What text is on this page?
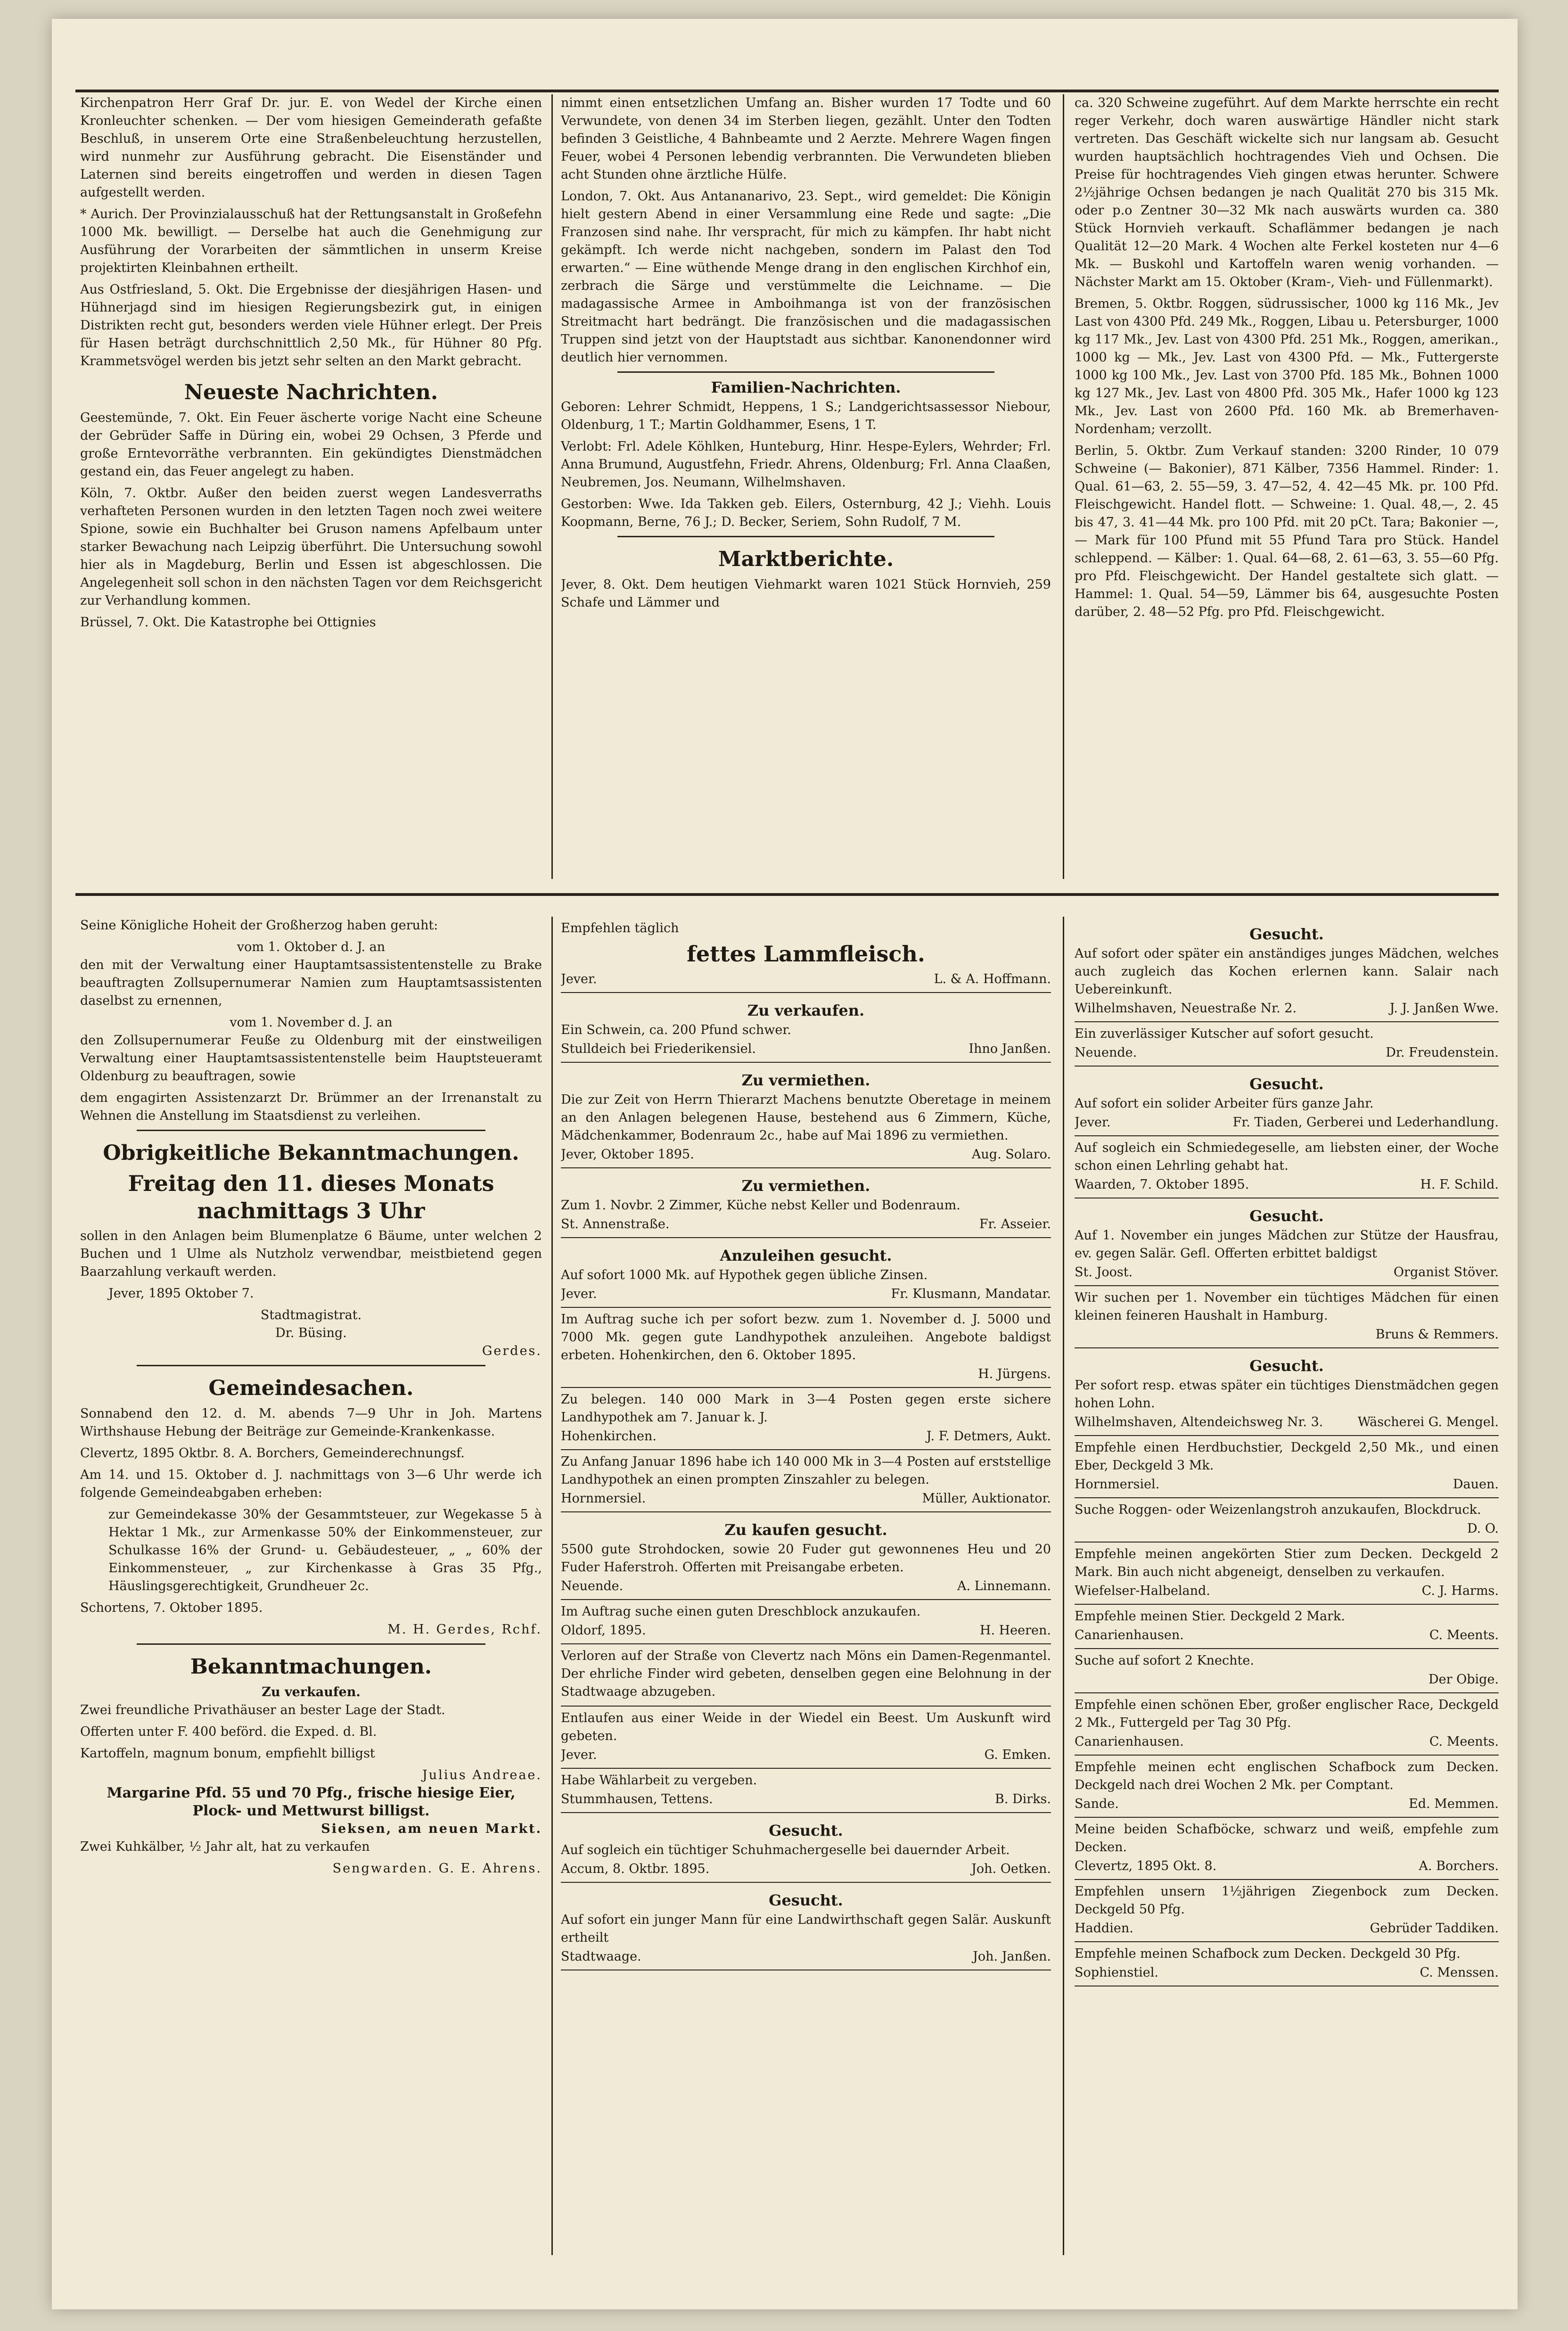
Kirchenpatron Herr Graf Dr. jur. E. von Wedel der Kirche einen Kronleuchter schenken. — Der vom hiesigen Gemeinderath gefaßte Beschluß, in unserem Orte eine Straßenbeleuchtung herzustellen, wird nunmehr zur Ausführung gebracht. Die Eisenständer und Laternen sind bereits eingetroffen und werden in diesen Tagen aufgestellt werden.

* Aurich. Der Provinzialausschuß hat der Rettungsanstalt in Großefehn 1000 Mk. bewilligt. — Derselbe hat auch die Genehmigung zur Ausführung der Vorarbeiten der sämmtlichen in unserm Kreise projektirten Kleinbahnen ertheilt.

Aus Ostfriesland, 5. Okt. Die Ergebnisse der diesjährigen Hasen- und Hühnerjagd sind im hiesigen Regierungsbezirk gut, in einigen Distrikten recht gut, besonders werden viele Hühner erlegt. Der Preis für Hasen beträgt durchschnittlich 2,50 Mk., für Hühner 80 Pfg. Krammetsvögel werden bis jetzt sehr selten an den Markt gebracht.

Neueste Nachrichten.

Geestemünde, 7. Okt. Ein Feuer äscherte vorige Nacht eine Scheune der Gebrüder Saffe in Düring ein, wobei 29 Ochsen, 3 Pferde und große Erntevorräthe verbrannten. Ein gekündigtes Dienstmädchen gestand ein, das Feuer angelegt zu haben.

Köln, 7. Oktbr. Außer den beiden zuerst wegen Landesverraths verhafteten Personen wurden in den letzten Tagen noch zwei weitere Spione, sowie ein Buchhalter bei Gruson namens Apfelbaum unter starker Bewachung nach Leipzig überführt. Die Untersuchung sowohl hier als in Magdeburg, Berlin und Essen ist abgeschlossen. Die Angelegenheit soll schon in den nächsten Tagen vor dem Reichsgericht zur Verhandlung kommen.

Brüssel, 7. Okt. Die Katastrophe bei Ottignies

nimmt einen entsetzlichen Umfang an. Bisher wurden 17 Todte und 60 Verwundete, von denen 34 im Sterben liegen, gezählt. Unter den Todten befinden 3 Geistliche, 4 Bahnbeamte und 2 Aerzte. Mehrere Wagen fingen Feuer, wobei 4 Personen lebendig verbrannten. Die Verwundeten blieben acht Stunden ohne ärztliche Hülfe.

London, 7. Okt. Aus Antananarivo, 23. Sept., wird gemeldet: Die Königin hielt gestern Abend in einer Versammlung eine Rede und sagte: „Die Franzosen sind nahe. Ihr verspracht, für mich zu kämpfen. Ihr habt nicht gekämpft. Ich werde nicht nachgeben, sondern im Palast den Tod erwarten.“ — Eine wüthende Menge drang in den englischen Kirchhof ein, zerbrach die Särge und verstümmelte die Leichname. — Die madagassische Armee in Amboihmanga ist von der französischen Streitmacht hart bedrängt. Die französischen und die madagassischen Truppen sind jetzt von der Hauptstadt aus sichtbar. Kanonendonner wird deutlich hier vernommen.

Familien-Nachrichten.

Geboren: Lehrer Schmidt, Heppens, 1 S.; Landgerichtsassessor Niebour, Oldenburg, 1 T.; Martin Goldhammer, Esens, 1 T.

Verlobt: Frl. Adele Köhlken, Hunteburg, Hinr. Hespe-Eylers, Wehrder; Frl. Anna Brumund, Augustfehn, Friedr. Ahrens, Oldenburg; Frl. Anna Claaßen, Neubremen, Jos. Neumann, Wilhelmshaven.

Gestorben: Wwe. Ida Takken geb. Eilers, Osternburg, 42 J.; Viehh. Louis Koopmann, Berne, 76 J.; D. Becker, Seriem, Sohn Rudolf, 7 M.

Marktberichte.

Jever, 8. Okt. Dem heutigen Viehmarkt waren 1021 Stück Hornvieh, 259 Schafe und Lämmer und

ca. 320 Schweine zugeführt. Auf dem Markte herrschte ein recht reger Verkehr, doch waren auswärtige Händler nicht stark vertreten. Das Geschäft wickelte sich nur langsam ab. Gesucht wurden hauptsächlich hochtragendes Vieh und Ochsen. Die Preise für hochtragendes Vieh gingen etwas herunter. Schwere 2½jährige Ochsen bedangen je nach Qualität 270 bis 315 Mk. oder p.o Zentner 30—32 Mk nach auswärts wurden ca. 380 Stück Hornvieh verkauft. Schaflämmer bedangen je nach Qualität 12—20 Mark. 4 Wochen alte Ferkel kosteten nur 4—6 Mk. — Buskohl und Kartoffeln waren wenig vorhanden. — Nächster Markt am 15. Oktober (Kram-, Vieh- und Füllenmarkt).

Bremen, 5. Oktbr. Roggen, südrussischer, 1000 kg 116 Mk., Jev Last von 4300 Pfd. 249 Mk., Roggen, Libau u. Petersburger, 1000 kg 117 Mk., Jev. Last von 4300 Pfd. 251 Mk., Roggen, amerikan., 1000 kg — Mk., Jev. Last von 4300 Pfd. — Mk., Futtergerste 1000 kg 100 Mk., Jev. Last von 3700 Pfd. 185 Mk., Bohnen 1000 kg 127 Mk., Jev. Last von 4800 Pfd. 305 Mk., Hafer 1000 kg 123 Mk., Jev. Last von 2600 Pfd. 160 Mk. ab Bremerhaven-Nordenham; verzollt.

Berlin, 5. Oktbr. Zum Verkauf standen: 3200 Rinder, 10 079 Schweine (— Bakonier), 871 Kälber, 7356 Hammel. Rinder: 1. Qual. 61—63, 2. 55—59, 3. 47—52, 4. 42—45 Mk. pr. 100 Pfd. Fleischgewicht. Handel flott. — Schweine: 1. Qual. 48,—, 2. 45 bis 47, 3. 41—44 Mk. pro 100 Pfd. mit 20 pCt. Tara; Bakonier —,— Mark für 100 Pfund mit 55 Pfund Tara pro Stück. Handel schleppend. — Kälber: 1. Qual. 64—68, 2. 61—63, 3. 55—60 Pfg. pro Pfd. Fleischgewicht. Der Handel gestaltete sich glatt. — Hammel: 1. Qual. 54—59, Lämmer bis 64, ausgesuchte Posten darüber, 2. 48—52 Pfg. pro Pfd. Fleischgewicht.

Seine Königliche Hoheit der Großherzog haben geruht:

vom 1. Oktober d. J. an

den mit der Verwaltung einer Hauptamtsassistentenstelle zu Brake beauftragten Zollsupernumerar Namien zum Hauptamtsassistenten daselbst zu ernennen,

vom 1. November d. J. an

den Zollsupernumerar Feuße zu Oldenburg mit der einstweiligen Verwaltung einer Hauptamtsassistentenstelle beim Hauptsteueramt Oldenburg zu beauftragen, sowie

dem engagirten Assistenzarzt Dr. Brümmer an der Irrenanstalt zu Wehnen die Anstellung im Staatsdienst zu verleihen.

Obrigkeitliche Bekanntmachungen.
Freitag den 11. dieses Monats nachmittags 3 Uhr

sollen in den Anlagen beim Blumenplatze 6 Bäume, unter welchen 2 Buchen und 1 Ulme als Nutzholz verwendbar, meistbietend gegen Baarzahlung verkauft werden.

Jever, 1895 Oktober 7.

Stadtmagistrat.

Dr. Büsing.

Gerdes.

Gemeindesachen.

Sonnabend den 12. d. M. abends 7—9 Uhr in Joh. Martens Wirthshause Hebung der Beiträge zur Gemeinde-Krankenkasse.

Clevertz, 1895 Oktbr. 8. A. Borchers, Gemeinderechnungsf.

Am 14. und 15. Oktober d. J. nachmittags von 3—6 Uhr werde ich folgende Gemeindeabgaben erheben:

zur Gemeindekasse 30% der Gesammtsteuer, zur Wegekasse 5 à Hektar 1 Mk., zur Armenkasse 50% der Einkommensteuer, zur Schulkasse 16% der Grund- u. Gebäudesteuer, „ „ 60% der Einkommensteuer, „ zur Kirchenkasse à Gras 35 Pfg., Häuslingsgerechtigkeit, Grundheuer 2c.

Schortens, 7. Oktober 1895.

M. H. Gerdes, Rchf.

Bekanntmachungen.

Zu verkaufen.

Zwei freundliche Privathäuser an bester Lage der Stadt.

Offerten unter F. 400 beförd. die Exped. d. Bl.

Kartoffeln, magnum bonum, empfiehlt billigst

Julius Andreae.

Margarine Pfd. 55 und 70 Pfg., frische hiesige Eier, Plock- und Mettwurst billigst.

Sieksen, am neuen Markt.

Zwei Kuhkälber, ½ Jahr alt, hat zu verkaufen

Sengwarden. G. E. Ahrens.

Empfehlen täglich

fettes Lammfleisch.
Jever.	L. & A. Hoffmann.
Zu verkaufen.

Ein Schwein, ca. 200 Pfund schwer.

Stulldeich bei Friederikensiel.	Ihno Janßen.
Zu vermiethen.

Die zur Zeit von Herrn Thierarzt Machens benutzte Oberetage in meinem an den Anlagen belegenen Hause, bestehend aus 6 Zimmern, Küche, Mädchenkammer, Bodenraum 2c., habe auf Mai 1896 zu vermiethen.

Jever, Oktober 1895.	Aug. Solaro.
Zu vermiethen.

Zum 1. Novbr. 2 Zimmer, Küche nebst Keller und Bodenraum.

St. Annenstraße.	Fr. Asseier.
Anzuleihen gesucht.

Auf sofort 1000 Mk. auf Hypothek gegen übliche Zinsen.

Jever.	Fr. Klusmann, Mandatar.

Im Auftrag suche ich per sofort bezw. zum 1. November d. J. 5000 und 7000 Mk. gegen gute Landhypothek anzuleihen. Angebote baldigst erbeten. Hohenkirchen, den 6. Oktober 1895.

H. Jürgens.

Zu belegen. 140 000 Mark in 3—4 Posten gegen erste sichere Landhypothek am 7. Januar k. J.

Hohenkirchen.	J. F. Detmers, Aukt.

Zu Anfang Januar 1896 habe ich 140 000 Mk in 3—4 Posten auf erststellige Landhypothek an einen prompten Zinszahler zu belegen.

Hornmersiel.	Müller, Auktionator.
Zu kaufen gesucht.

5500 gute Strohdocken, sowie 20 Fuder gut gewonnenes Heu und 20 Fuder Haferstroh. Offerten mit Preisangabe erbeten.

Neuende.	A. Linnemann.

Im Auftrag suche einen guten Dreschblock anzukaufen.

Oldorf, 1895.	H. Heeren.

Verloren auf der Straße von Clevertz nach Möns ein Damen-Regenmantel. Der ehrliche Finder wird gebeten, denselben gegen eine Belohnung in der Stadtwaage abzugeben.

Entlaufen aus einer Weide in der Wiedel ein Beest. Um Auskunft wird gebeten.

Jever.	G. Emken.

Habe Wählarbeit zu vergeben.

Stummhausen, Tettens.	B. Dirks.
Gesucht.

Auf sogleich ein tüchtiger Schuhmachergeselle bei dauernder Arbeit.

Accum, 8. Oktbr. 1895.	Joh. Oetken.
Gesucht.

Auf sofort ein junger Mann für eine Landwirthschaft gegen Salär. Auskunft ertheilt

Stadtwaage.	Joh. Janßen.
Gesucht.

Auf sofort oder später ein anständiges junges Mädchen, welches auch zugleich das Kochen erlernen kann. Salair nach Uebereinkunft.

Wilhelmshaven, Neuestraße Nr. 2.	J. J. Janßen Wwe.

Ein zuverlässiger Kutscher auf sofort gesucht.

Neuende.	Dr. Freudenstein.
Gesucht.

Auf sofort ein solider Arbeiter fürs ganze Jahr.

Jever.	Fr. Tiaden, Gerberei und Lederhandlung.

Auf sogleich ein Schmiedegeselle, am liebsten einer, der Woche schon einen Lehrling gehabt hat.

Waarden, 7. Oktober 1895.	H. F. Schild.
Gesucht.

Auf 1. November ein junges Mädchen zur Stütze der Hausfrau, ev. gegen Salär. Gefl. Offerten erbittet baldigst

St. Joost.	Organist Stöver.

Wir suchen per 1. November ein tüchtiges Mädchen für einen kleinen feineren Haushalt in Hamburg.

Bruns & Remmers.
Gesucht.

Per sofort resp. etwas später ein tüchtiges Dienstmädchen gegen hohen Lohn.

Wilhelmshaven, Altendeichsweg Nr. 3.	Wäscherei G. Mengel.

Empfehle einen Herdbuchstier, Deckgeld 2,50 Mk., und einen Eber, Deckgeld 3 Mk.

Hornmersiel.	Dauen.

Suche Roggen- oder Weizenlangstroh anzukaufen, Blockdruck.

D. O.

Empfehle meinen angekörten Stier zum Decken. Deckgeld 2 Mark. Bin auch nicht abgeneigt, denselben zu verkaufen.

Wiefelser-Halbeland.	C. J. Harms.

Empfehle meinen Stier. Deckgeld 2 Mark.

Canarienhausen.	C. Meents.

Suche auf sofort 2 Knechte.

Der Obige.

Empfehle einen schönen Eber, großer englischer Race, Deckgeld 2 Mk., Futtergeld per Tag 30 Pfg.

Canarienhausen.	C. Meents.

Empfehle meinen echt englischen Schafbock zum Decken. Deckgeld nach drei Wochen 2 Mk. per Comptant.

Sande.	Ed. Memmen.

Meine beiden Schafböcke, schwarz und weiß, empfehle zum Decken.

Clevertz, 1895 Okt. 8.	A. Borchers.

Empfehlen unsern 1½jährigen Ziegenbock zum Decken. Deckgeld 50 Pfg.

Haddien.	Gebrüder Taddiken.

Empfehle meinen Schafbock zum Decken. Deckgeld 30 Pfg.

Sophienstiel.	C. Menssen.
